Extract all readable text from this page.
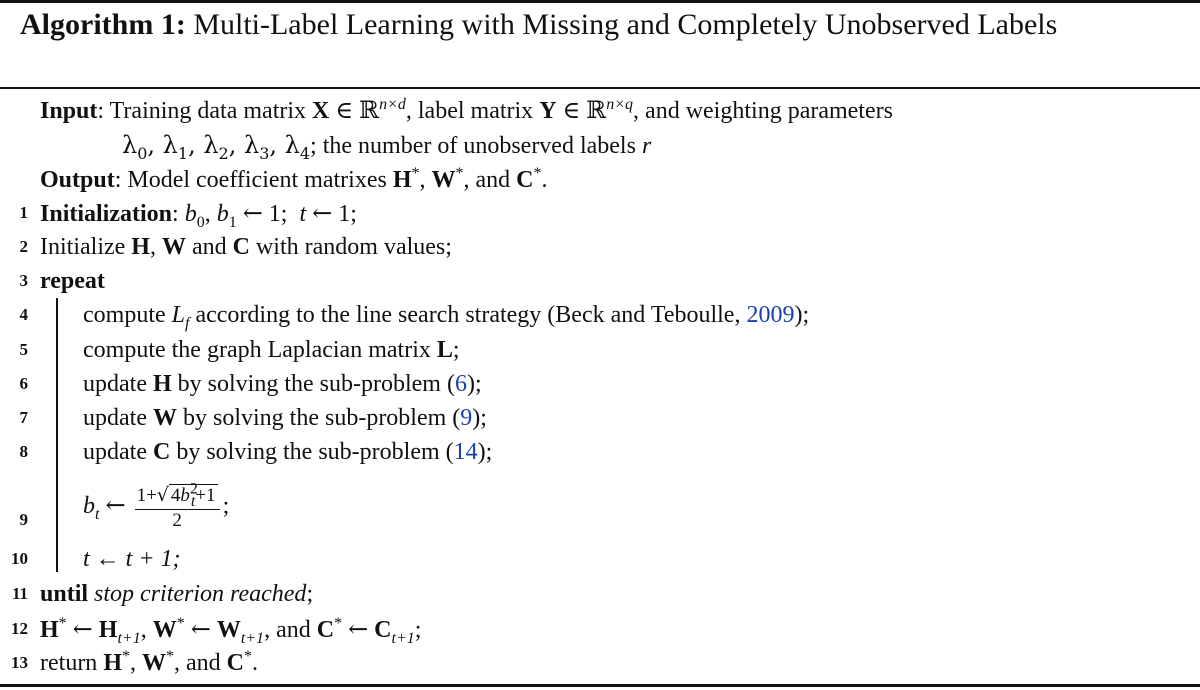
Algorithm 1: Multi-Label Learning with Missing and Completely Unobserved Labels
Input: Training data matrix X ∈ ℝ$^{n\times d}$, label matrix Y ∈ ℝ$^{n\times q}$, and weighting parameters
$\lambda_0$, $\lambda_1$, $\lambda_2$, $\lambda_3$, $\lambda_4$; the number of unobserved labels r
Output: Model coefficient matrixes H*, W*, and C*.
1 Initialization: $b_0$, $b_1$ ← 1;  t ← 1;
2 Initialize H, W and C with random values;
3 repeat
4 compute $L_f$ according to the line search strategy (Beck and Teboulle, 2009);
5 compute the graph Laplacian matrix L;
6 update H by solving the sub-problem (6);
7 update W by solving the sub-problem (9);
8 update C by solving the sub-problem (14);
9
$b_t$ ← $\frac{1+√ 4b^2_t+1}{2}$ ;
10 t ← t + 1;
11 until stop criterion reached;
12 H* ← $H_{t+1}$, W* ← $W_{t+1}$, and C* ← $C_{t+1}$;
13 return H*, W*, and C*.
